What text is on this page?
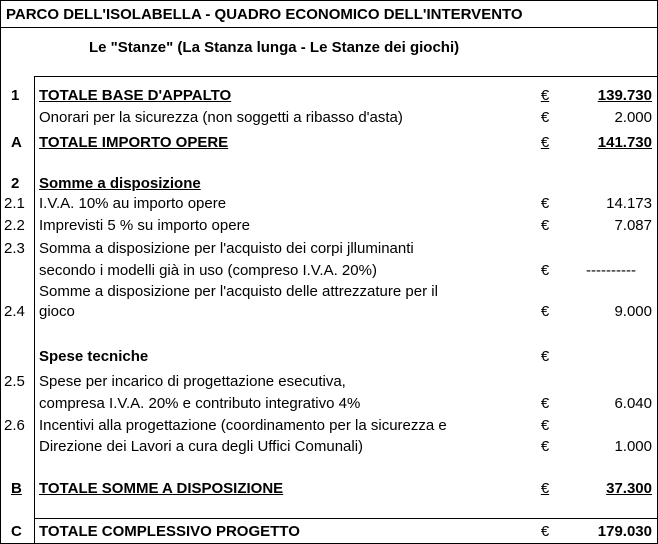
PARCO DELL'ISOLABELLA - QUADRO ECONOMICO DELL'INTERVENTO
Le "Stanze" (La Stanza lunga - Le Stanze dei giochi)
1 TOTALE BASE D'APPALTO	€	139.730
Onorari per la sicurezza (non soggetti a ribasso d'asta)	€	2.000
A TOTALE IMPORTO OPERE	€	141.730
2 Somme a disposizione
2.1 I.V.A. 10% au importo opere	€	14.173
2.2 Imprevisti 5 % su importo opere	€	7.087
2.3 Somma a disposizione per l'acquisto dei corpi jlluminanti
secondo i modelli già in uso (compreso I.V.A. 20%)	€	----------
Somme a disposizione per l'acquisto delle attrezzature per il
2.4 gioco	€	9.000
Spese tecniche	€
2.5 Spese per incarico di progettazione esecutiva,
compresa I.V.A. 20% e contributo integrativo 4%	€	6.040
2.6 Incentivi alla progettazione (coordinamento per la sicurezza e	€
Direzione dei Lavori a cura degli Uffici Comunali)	€	1.000
B TOTALE SOMME A DISPOSIZIONE	€	37.300
C TOTALE COMPLESSIVO PROGETTO	€	179.030
